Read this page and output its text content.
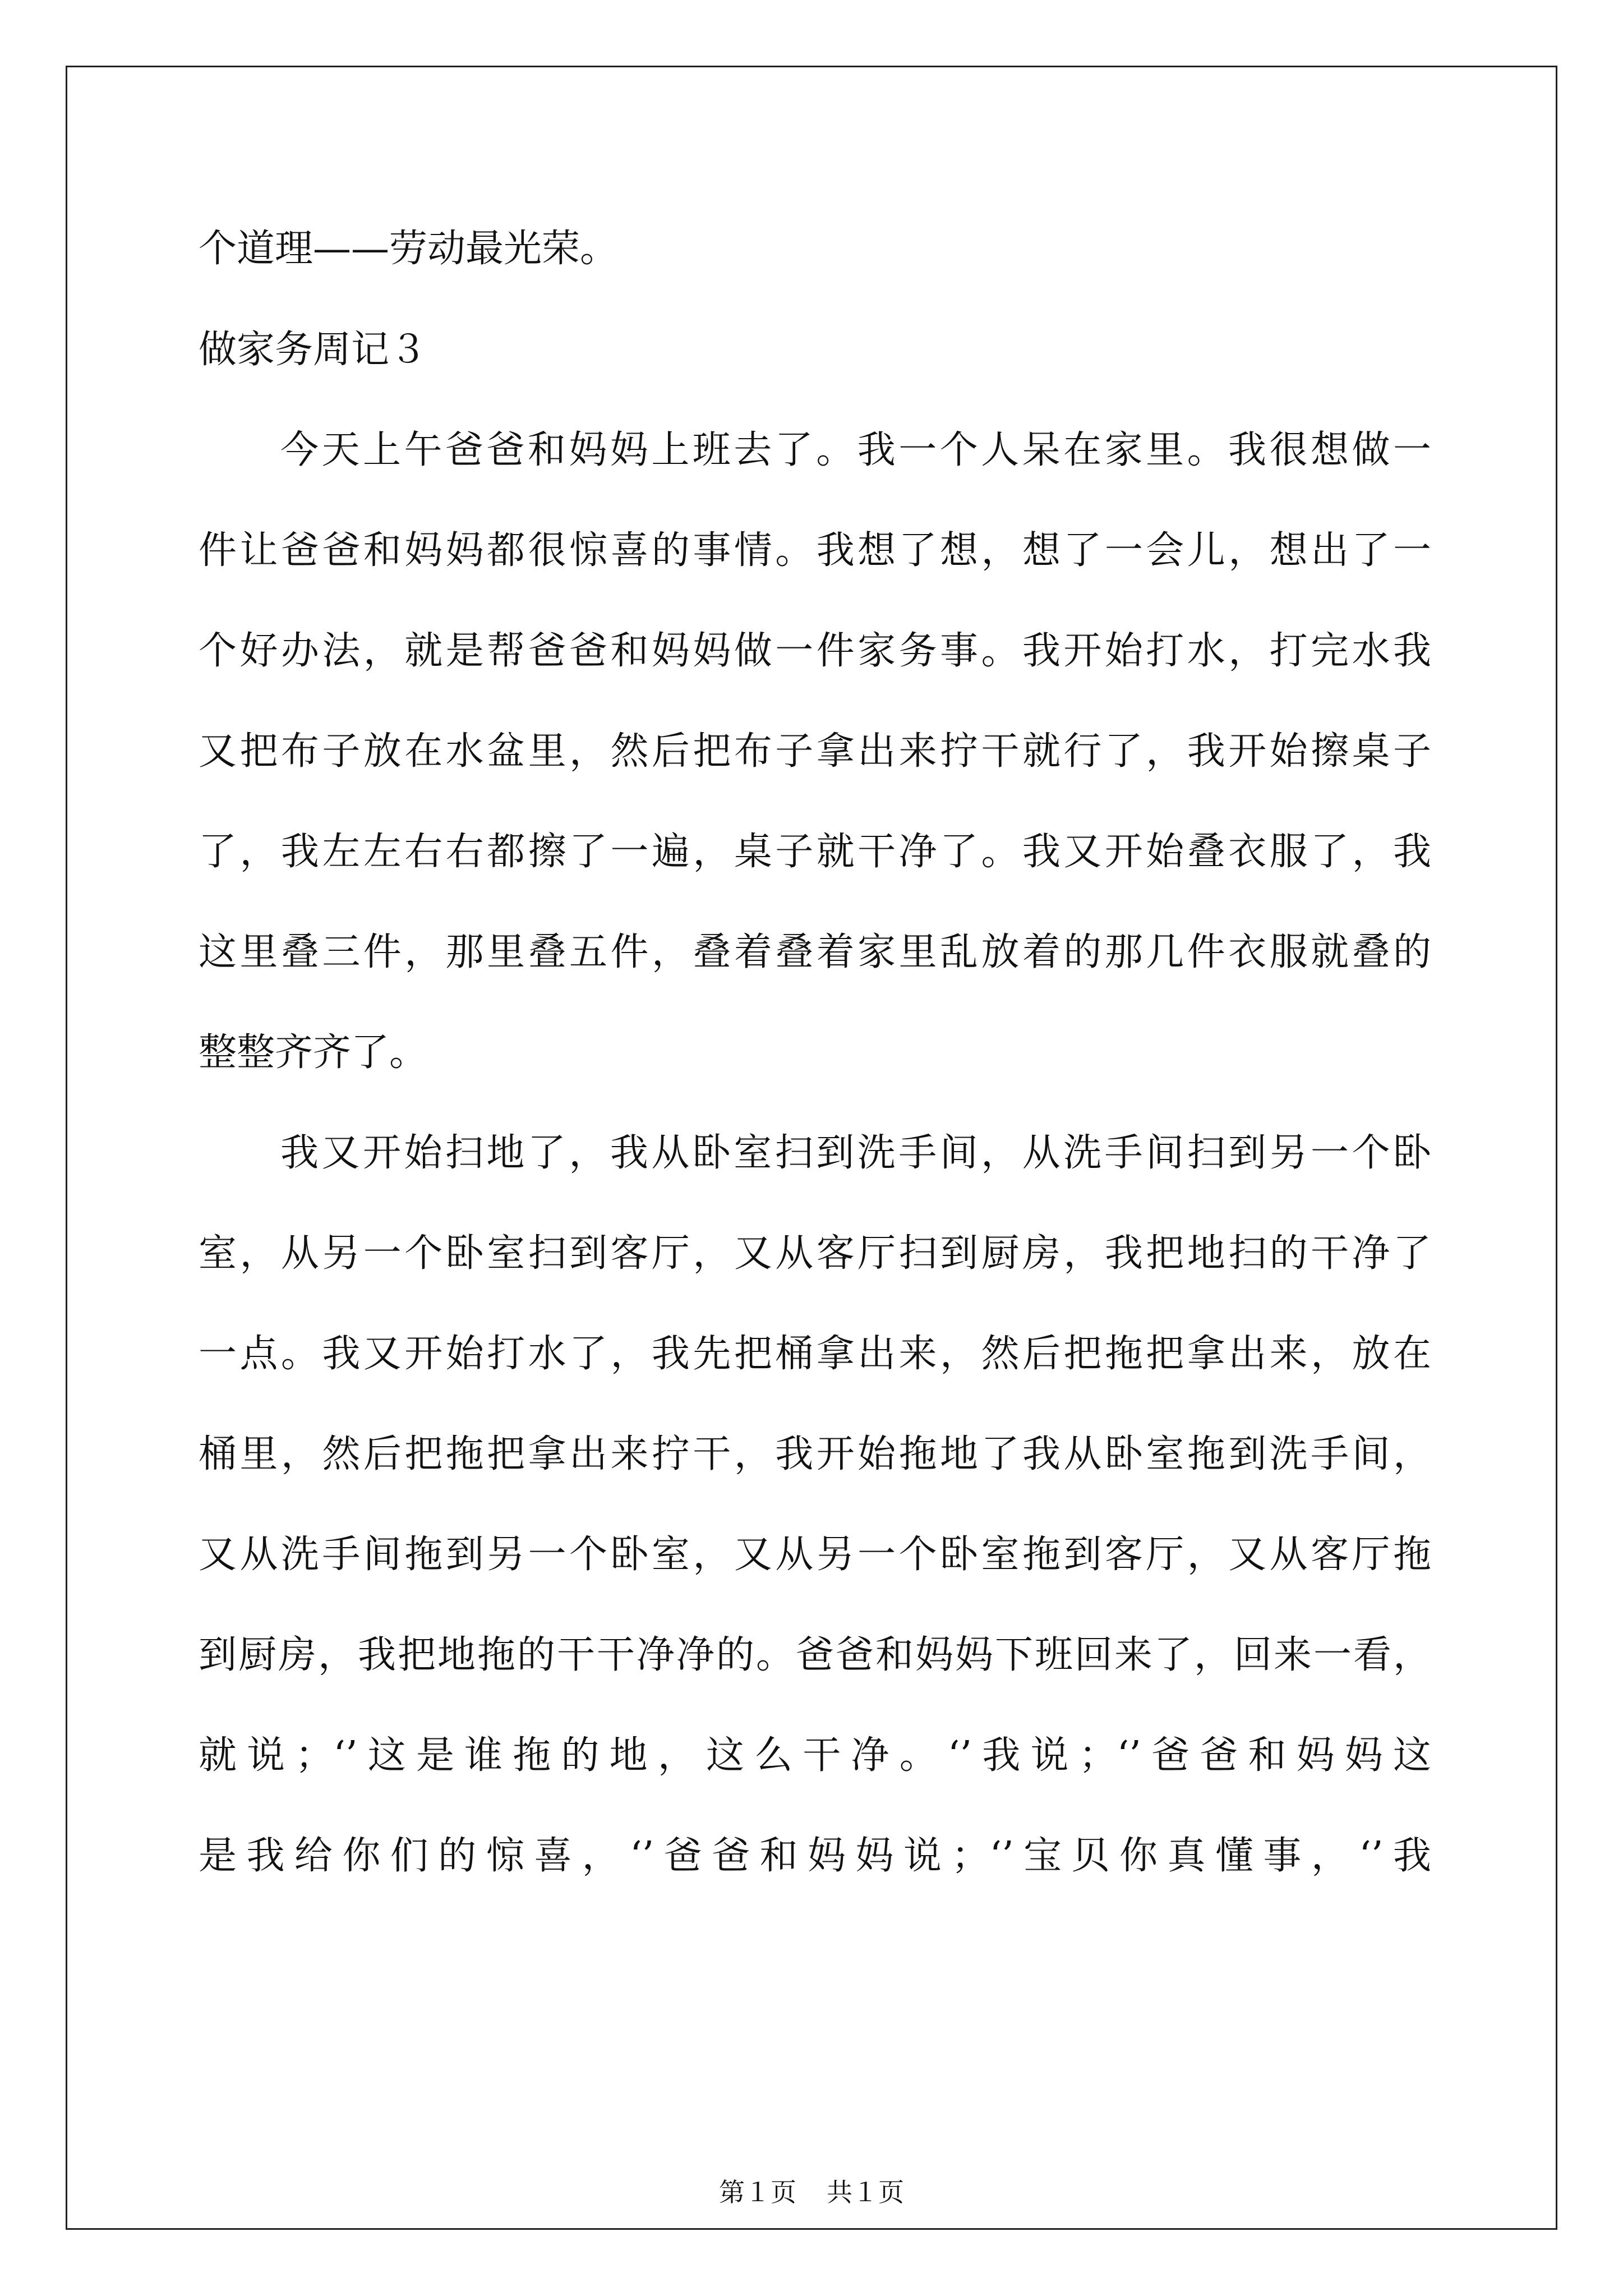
个道理——劳动最光荣。
做家务周记３
今天上午爸爸和妈妈上班去了。我一个人呆在家里。我很想做一
件让爸爸和妈妈都很惊喜的事情。我想了想，想了一会儿，想出了一
个好办法，就是帮爸爸和妈妈做一件家务事。我开始打水，打完水我
又把布子放在水盆里，然后把布子拿出来拧干就行了，我开始擦桌子
了，我左左右右都擦了一遍，桌子就干净了。我又开始叠衣服了，我
这里叠三件，那里叠五件，叠着叠着家里乱放着的那几件衣服就叠的
整整齐齐了。
我又开始扫地了，我从卧室扫到洗手间，从洗手间扫到另一个卧
室，从另一个卧室扫到客厅，又从客厅扫到厨房，我把地扫的干净了
一点。我又开始打水了，我先把桶拿出来，然后把拖把拿出来，放在
桶里，然后把拖把拿出来拧干，我开始拖地了我从卧室拖到洗手间，
又从洗手间拖到另一个卧室，又从另一个卧室拖到客厅，又从客厅拖
到厨房，我把地拖的干干净净的。爸爸和妈妈下班回来了，回来一看，
就说；‘’这是谁拖的地，这么干净。‘’我说；‘’爸爸和妈妈这
是我给你们的惊喜，‘’爸爸和妈妈说；‘’宝贝你真懂事，‘’我
第１页 共１页
